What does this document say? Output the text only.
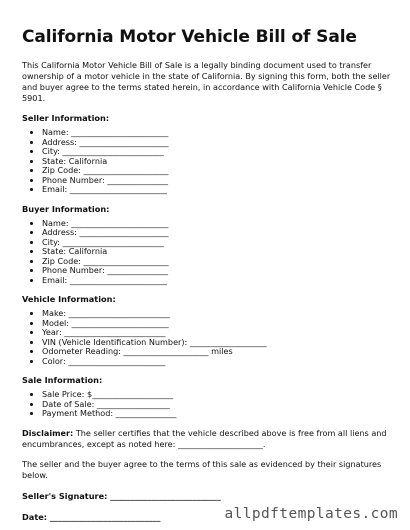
California Motor Vehicle Bill of Sale

This California Motor Vehicle Bill of Sale is a legally binding document used to transfer ownership of a motor vehicle in the state of California. By signing this form, both the seller and buyer agree to the terms stated herein, in accordance with California Vehicle Code § 5901.

Seller Information:
• Name: ________________________
• Address: ______________________
• City: _________________________
• State: California
• Zip Code: _____________________
• Phone Number: _______________
• Email: ________________________
Buyer Information:
• Name: ________________________
• Address: ______________________
• City: _________________________
• State: California
• Zip Code: _____________________
• Phone Number: _______________
• Email: ________________________
Vehicle Information:
• Make: _________________________
• Model: ________________________
• Year: _________________________
• VIN (Vehicle Identification Number): ___________________
• Odometer Reading: _____________________ miles
• Color: ________________________
Sale Information:
• Sale Price: $____________________
• Date of Sale: __________________
• Payment Method: _______________

Disclaimer: The seller certifies that the vehicle described above is free from all liens and encumbrances, except as noted here: _____________________.

The seller and the buyer agree to the terms of this sale as evidenced by their signatures below.

Seller's Signature: ___________________________

Date: ___________________________	allpdftemplates.com
